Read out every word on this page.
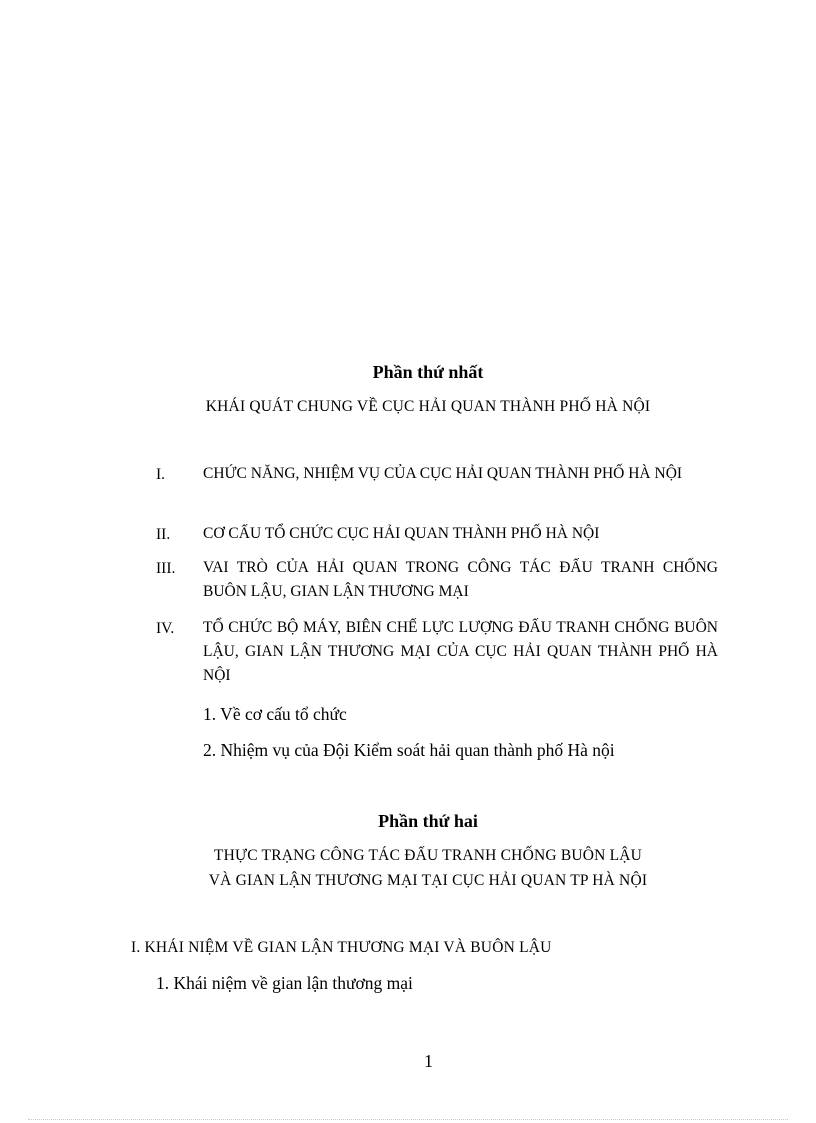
Phần thứ nhất
KHÁI QUÁT CHUNG VỀ CỤC HẢI QUAN THÀNH PHỐ HÀ NỘI
I. CHỨC NĂNG, NHIỆM VỤ CỦA CỤC HẢI QUAN THÀNH PHỐ HÀ NỘI
II. CƠ CẤU TỔ CHỨC CỤC HẢI QUAN THÀNH PHỐ HÀ NỘI
III. VAI TRÒ CỦA HẢI QUAN TRONG CÔNG TÁC ĐẤU TRANH CHỐNG BUÔN LẬU, GIAN LẬN THƯƠNG MẠI
IV. TỔ CHỨC BỘ MÁY, BIÊN CHẾ LỰC LƯỢNG ĐẤU TRANH CHỐNG BUÔN LẬU, GIAN LẬN THƯƠNG MẠI CỦA CỤC HẢI QUAN THÀNH PHỐ HÀ NỘI
1. Về cơ cấu tổ chức
2. Nhiệm vụ của Đội Kiểm soát hải quan thành phố Hà nội
Phần thứ hai
THỰC TRẠNG CÔNG TÁC ĐẤU TRANH CHỐNG BUÔN LẬU
VÀ GIAN LẬN THƯƠNG MẠI TẠI CỤC HẢI QUAN TP HÀ NỘI
I. KHÁI NIỆM VỀ GIAN LẬN THƯƠNG MẠI VÀ BUÔN LẬU
1. Khái niệm về gian lận thương mại
1
